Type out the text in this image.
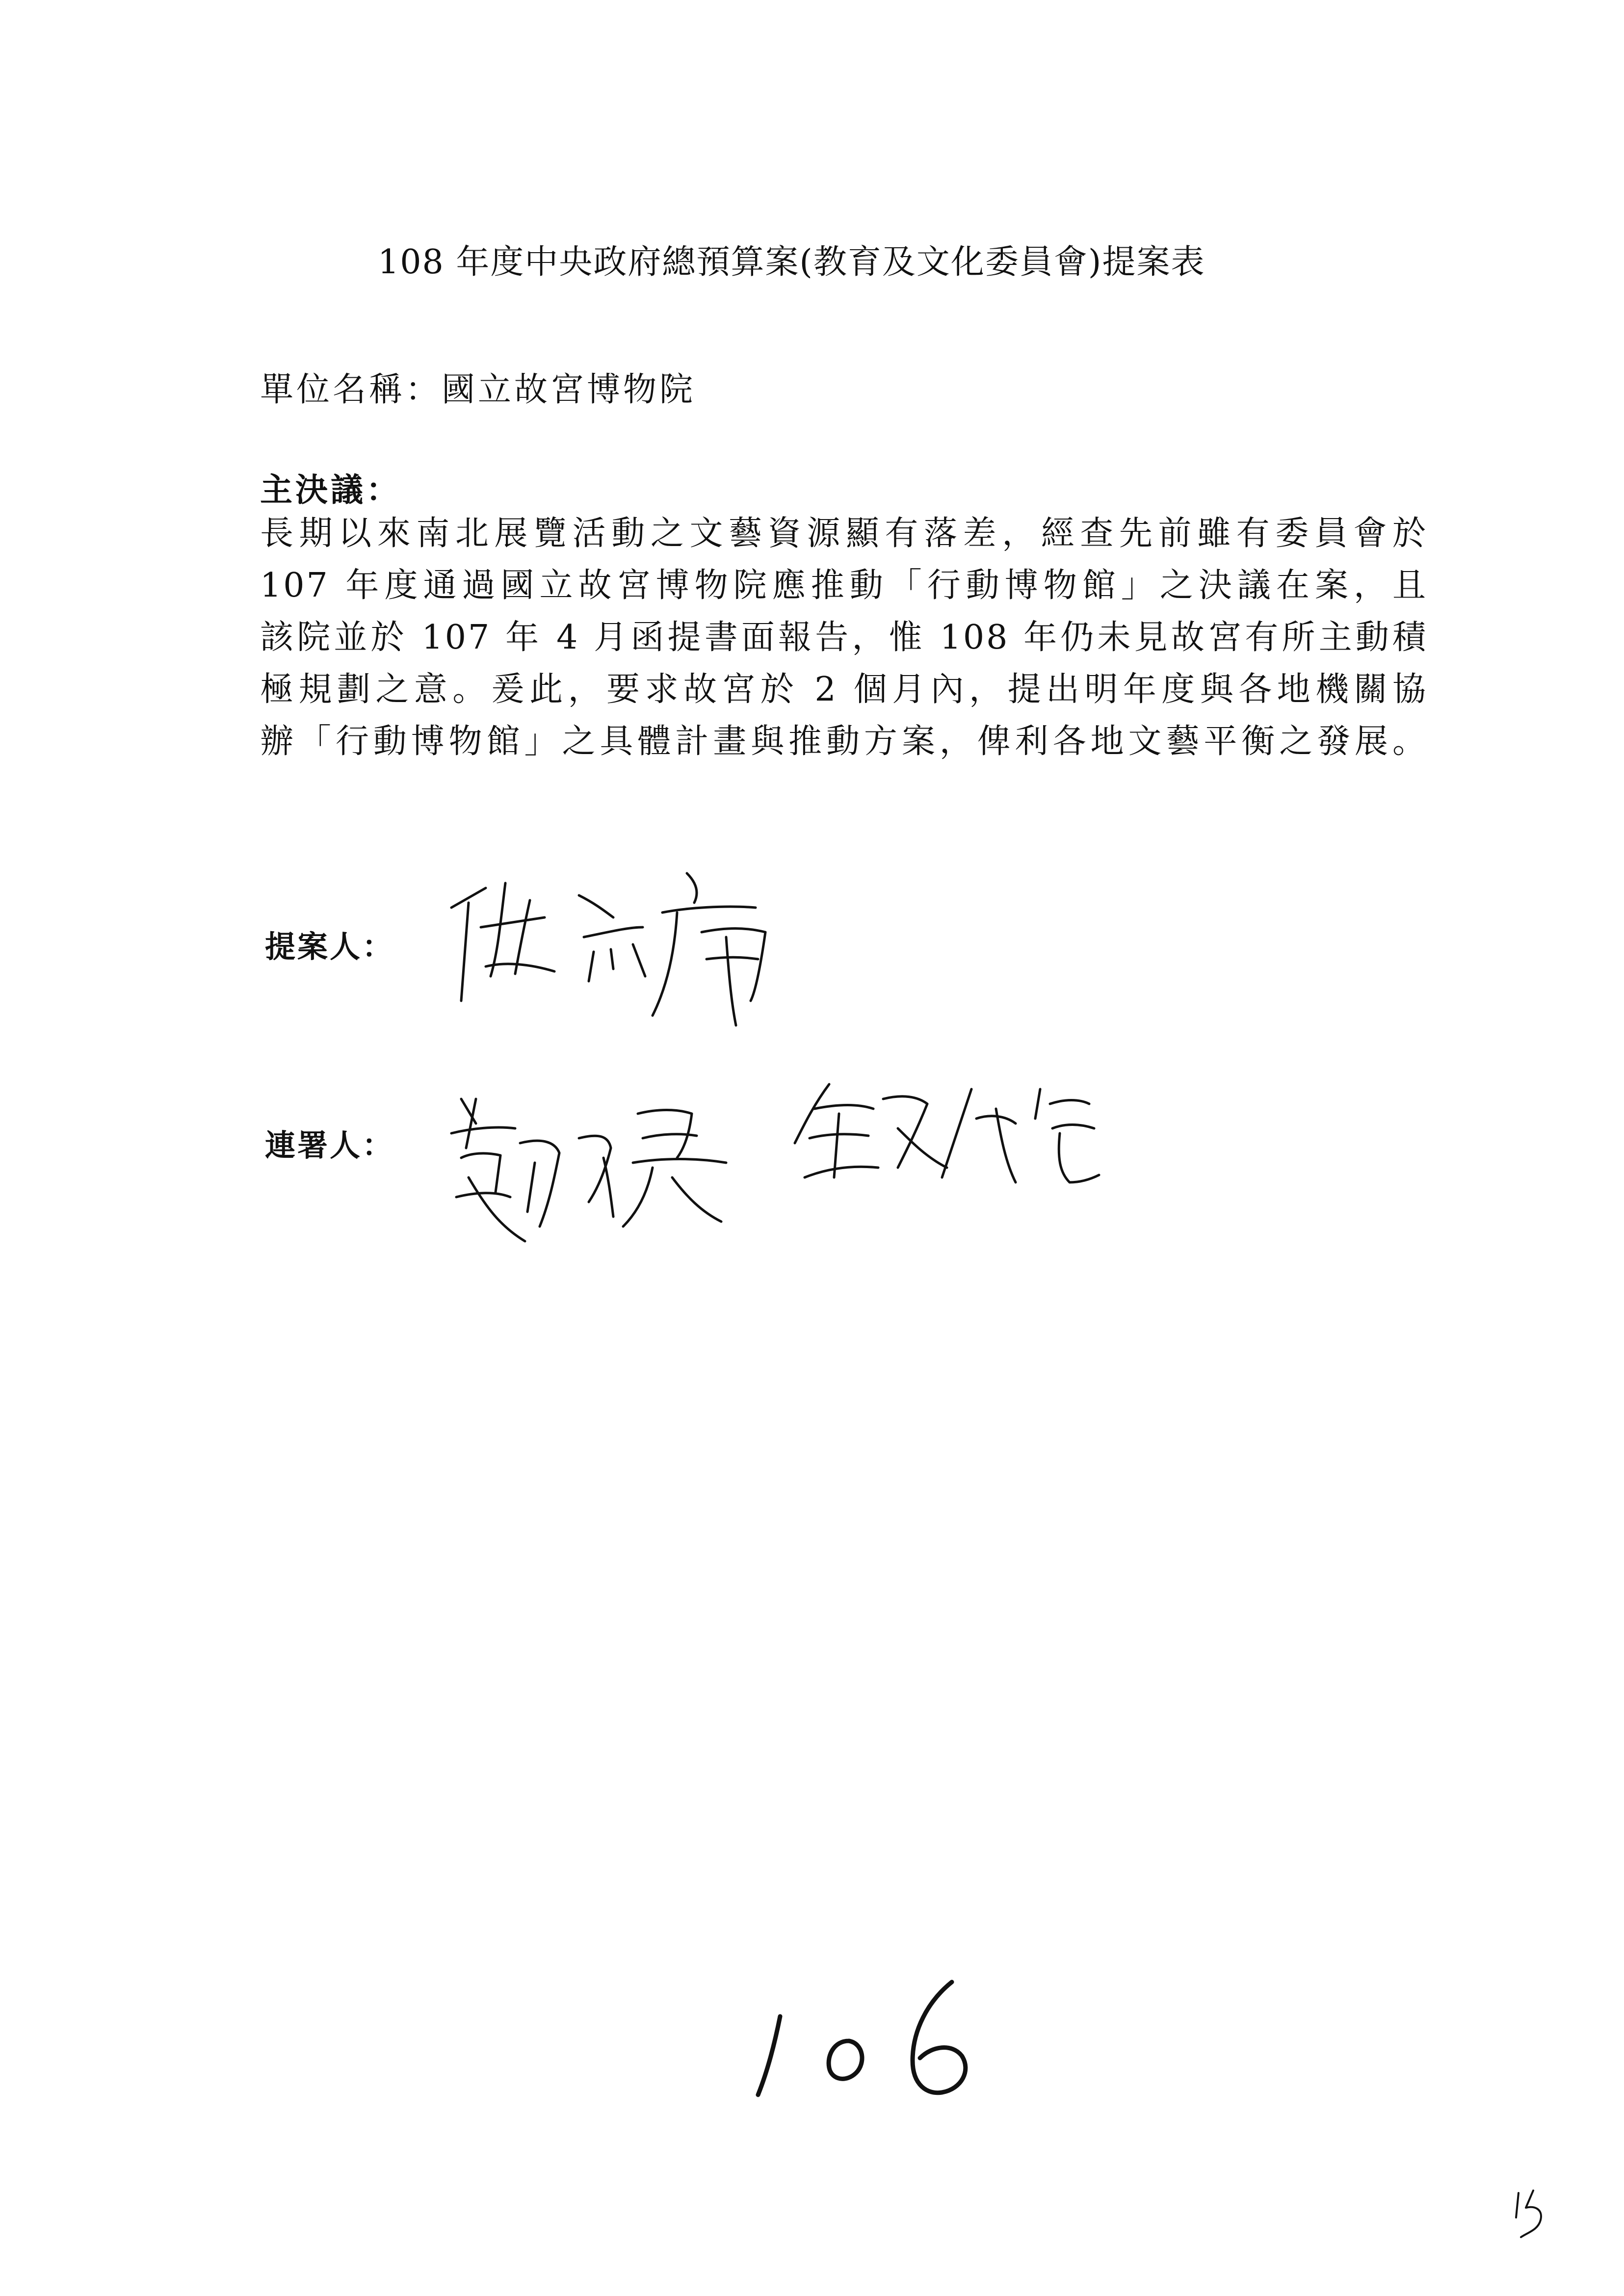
108 年度中央政府總預算案(教育及文化委員會)提案表
單位名稱：國立故宮博物院
主決議：
長期以來南北展覽活動之文藝資源顯有落差，經查先前雖有委員會於
107 年度通過國立故宮博物院應推動「行動博物館」之決議在案，且
該院並於 107 年 4 月函提書面報告，惟 108 年仍未見故宮有所主動積
極規劃之意。爰此，要求故宮於 2 個月內，提出明年度與各地機關協
辦「行動博物館」之具體計畫與推動方案，俾利各地文藝平衡之發展。
提案人：
連署人：
